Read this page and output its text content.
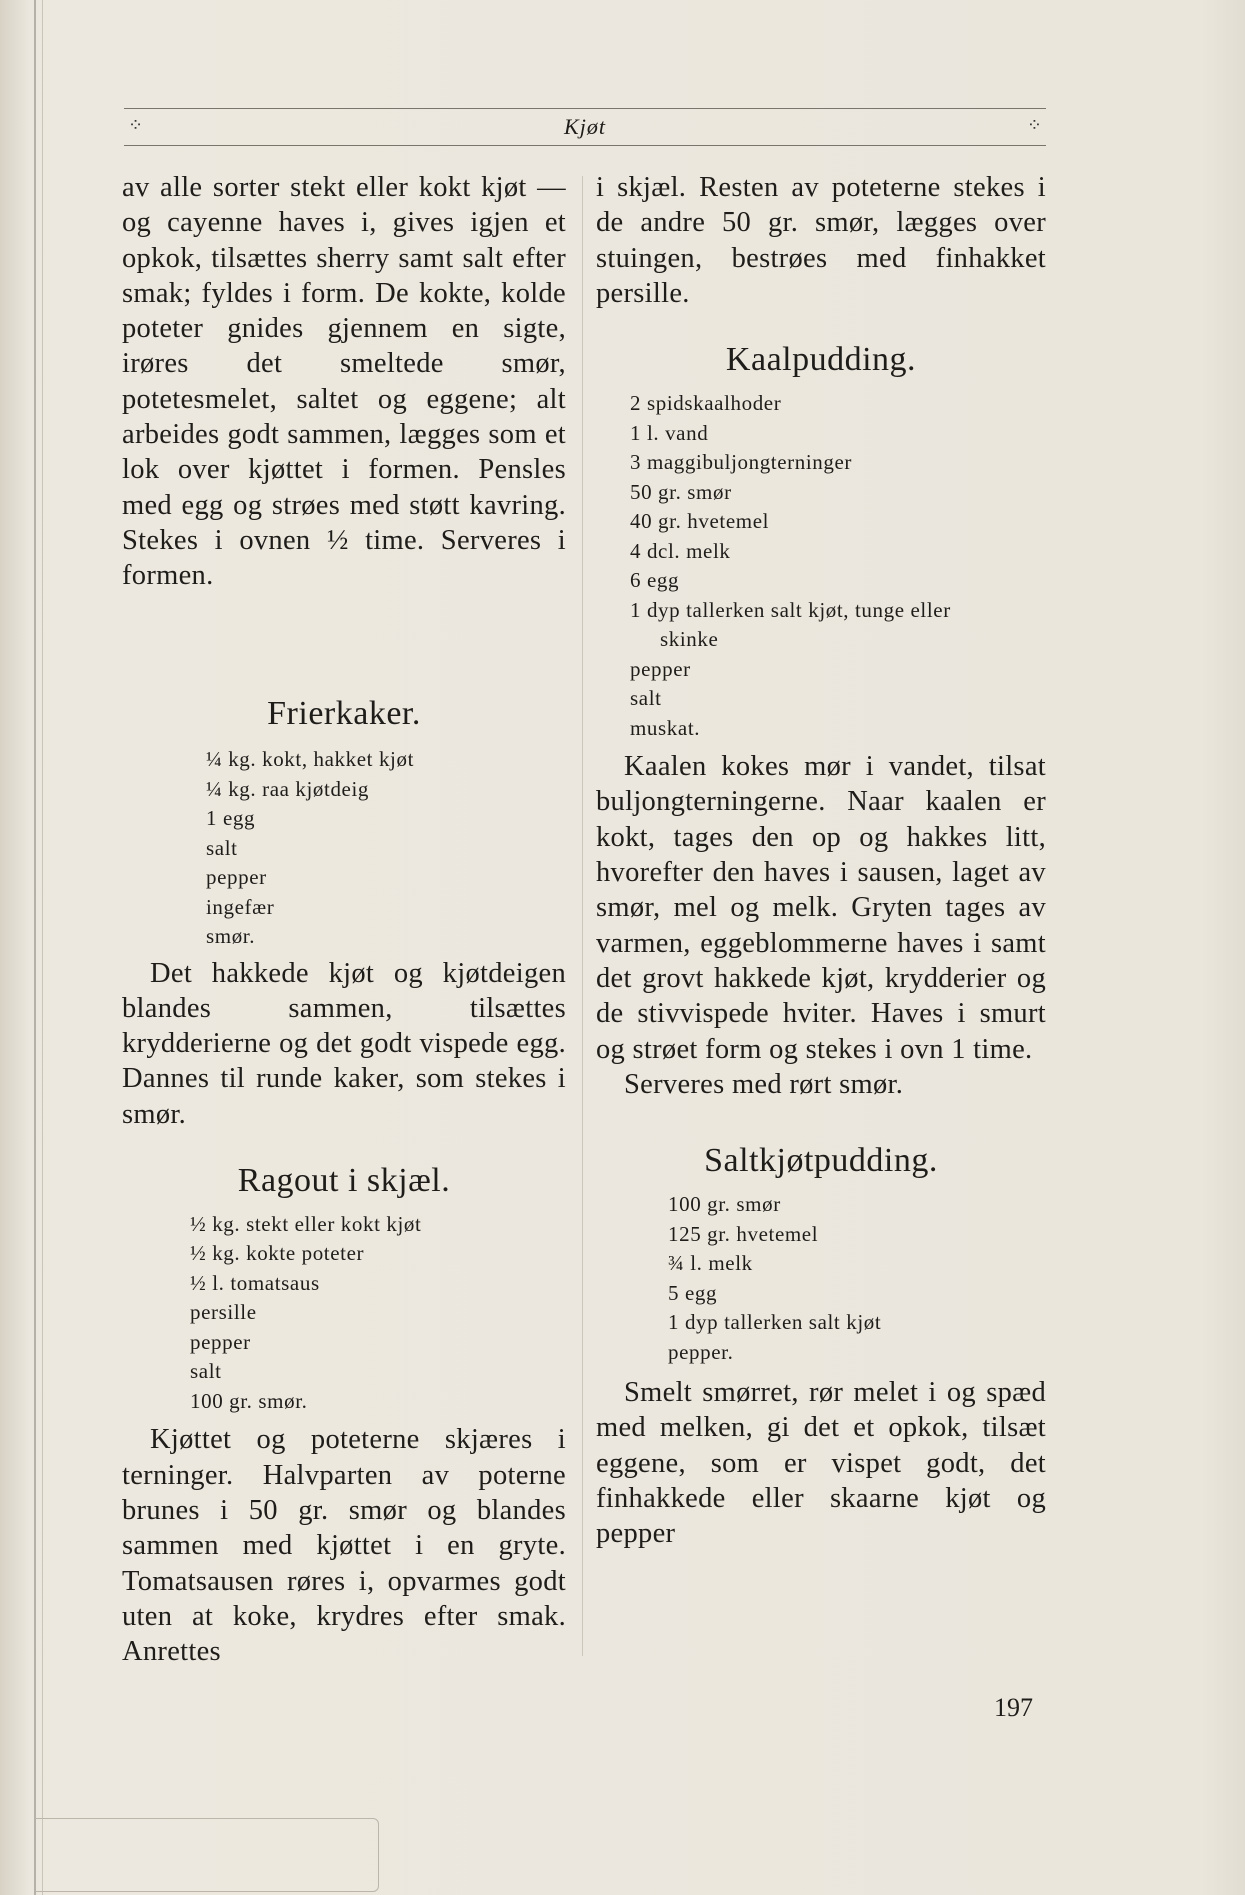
⁘	Kjøt	⁘

av alle sorter stekt eller kokt kjøt — og cayenne haves i, gives igjen et opkok, tilsættes sherry samt salt efter smak; fyldes i form. De kokte, kolde poteter gnides gjennem en sigte, irøres det smeltede smør, potetesmelet, saltet og eggene; alt arbeides godt sammen, lægges som et lok over kjøttet i formen. Pensles med egg og strøes med støtt kavring. Stekes i ovnen ½ time. Serveres i formen.

Frierkaker.
¼ kg. kokt, hakket kjøt
¼ kg. raa kjøtdeig
1 egg
salt
pepper
ingefær
smør.

Det hakkede kjøt og kjøtdeigen blandes sammen, tilsættes krydderierne og det godt vispede egg. Dannes til runde kaker, som stekes i smør.

Ragout i skjæl.
½ kg. stekt eller kokt kjøt
½ kg. kokte poteter
½ l. tomatsaus
persille
pepper
salt
100 gr. smør.

Kjøttet og poteterne skjæres i terninger. Halvparten av poterne brunes i 50 gr. smør og blandes sammen med kjøttet i en gryte. Tomatsausen røres i, opvarmes godt uten at koke, krydres efter smak. Anrettes

i skjæl. Resten av poteterne stekes i de andre 50 gr. smør, lægges over stuingen, bestrøes med finhakket persille.

Kaalpudding.
2 spidskaalhoder
1 l. vand
3 maggibuljongterninger
50 gr. smør
40 gr. hvetemel
4 dcl. melk
6 egg
1 dyp tallerken salt kjøt, tunge eller
skinke
pepper
salt
muskat.

Kaalen kokes mør i vandet, tilsat buljongterningerne. Naar kaalen er kokt, tages den op og hakkes litt, hvorefter den haves i sausen, laget av smør, mel og melk. Gryten tages av varmen, eggeblommerne haves i samt det grovt hakkede kjøt, krydderier og de stivvispede hviter. Haves i smurt og strøet form og stekes i ovn 1 time.

Serveres med rørt smør.

Saltkjøtpudding.
100 gr. smør
125 gr. hvetemel
¾ l. melk
5 egg
1 dyp tallerken salt kjøt
pepper.

Smelt smørret, rør melet i og spæd med melken, gi det et opkok, tilsæt eggene, som er vispet godt, det finhakkede eller skaarne kjøt og pepper

197
